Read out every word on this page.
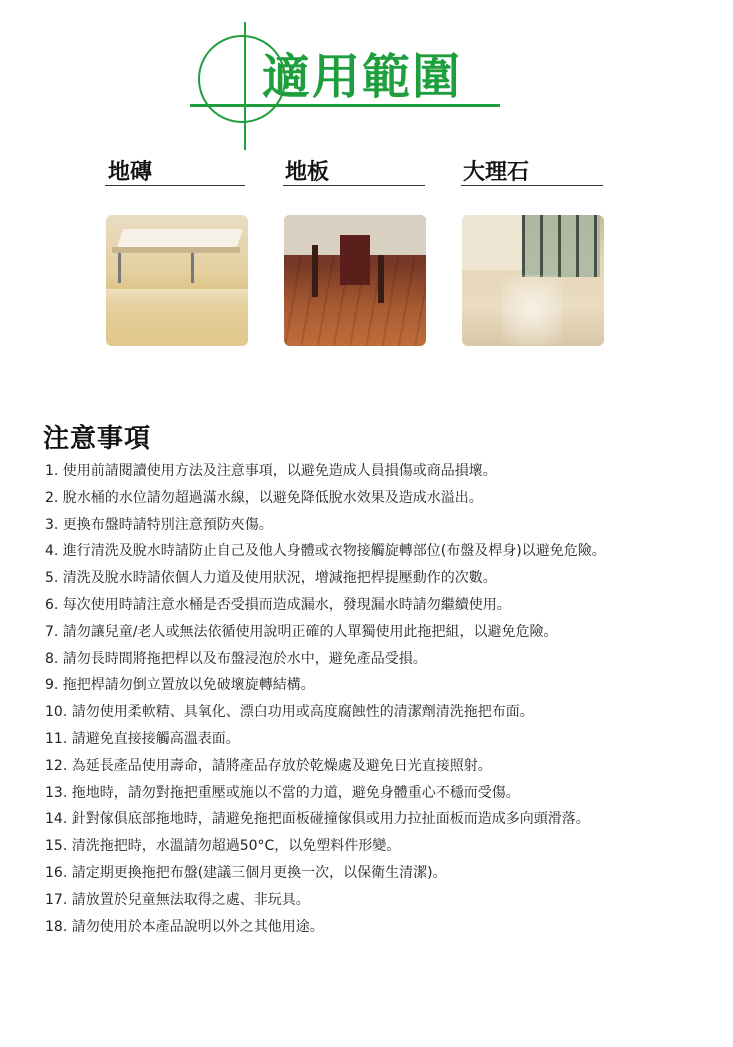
適用範圍
地磚	地板	大理石
注意事項
1. 使用前請閱讀使用方法及注意事項，以避免造成人員損傷或商品損壞。
2. 脫水桶的水位請勿超過滿水線，以避免降低脫水效果及造成水溢出。
3. 更換布盤時請特別注意預防夾傷。
4. 進行清洗及脫水時請防止自己及他人身體或衣物接觸旋轉部位(布盤及桿身)以避免危險。
5. 清洗及脫水時請依個人力道及使用狀況，增減拖把桿提壓動作的次數。
6. 每次使用時請注意水桶是否受損而造成漏水，發現漏水時請勿繼續使用。
7. 請勿讓兒童/老人或無法依循使用說明正確的人單獨使用此拖把組，以避免危險。
8. 請勿長時間將拖把桿以及布盤浸泡於水中，避免產品受損。
9. 拖把桿請勿倒立置放以免破壞旋轉結構。
10. 請勿使用柔軟精、具氧化、漂白功用或高度腐蝕性的清潔劑清洗拖把布面。
11. 請避免直接接觸高溫表面。
12. 為延長產品使用壽命，請將產品存放於乾燥處及避免日光直接照射。
13. 拖地時，請勿對拖把重壓或施以不當的力道，避免身體重心不穩而受傷。
14. 針對傢俱底部拖地時，請避免拖把面板碰撞傢俱或用力拉扯面板而造成多向頭滑落。
15. 清洗拖把時，水溫請勿超過50°C，以免塑料件形變。
16. 請定期更換拖把布盤(建議三個月更換一次，以保衛生清潔)。
17. 請放置於兒童無法取得之處、非玩具。
18. 請勿使用於本產品說明以外之其他用途。
